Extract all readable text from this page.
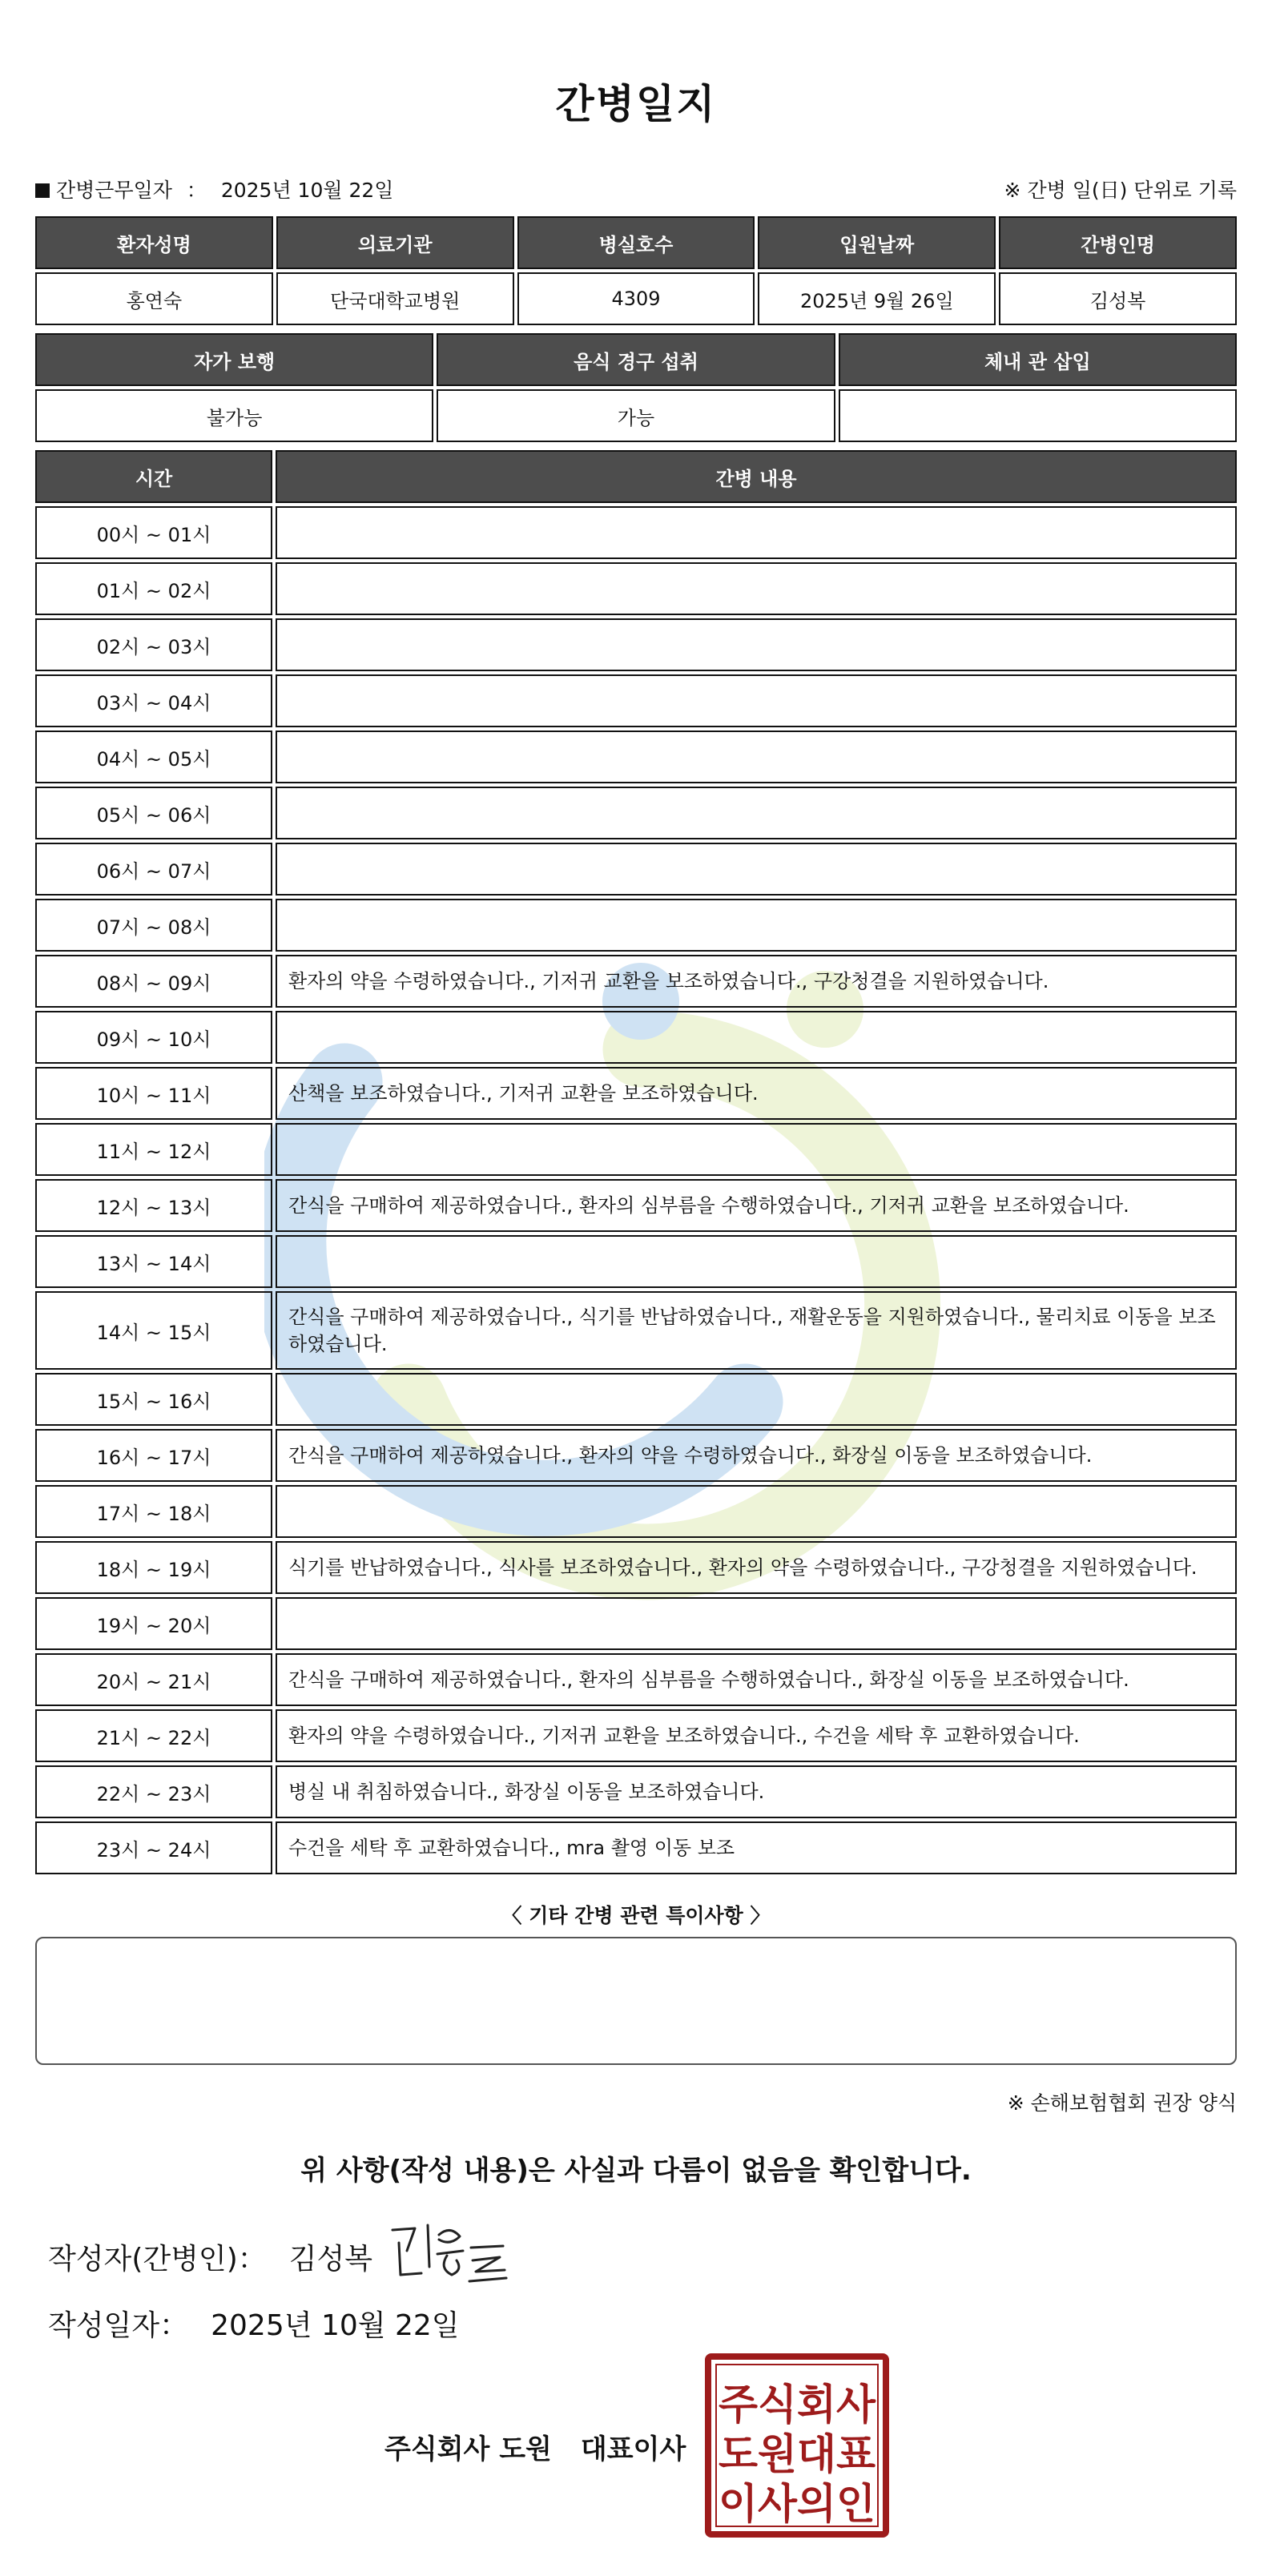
간병일지
간병근무일자 ： 2025년 10월 22일	※ 간병 일(日) 단위로 기록
환자성명	의료기관	병실호수	입원날짜	간병인명
홍연숙	단국대학교병원	4309	2025년 9월 26일	김성복
자가 보행	음식 경구 섭취	체내 관 삽입
불가능	가능	
시간	간병 내용
00시 ~ 01시	
01시 ~ 02시	
02시 ~ 03시	
03시 ~ 04시	
04시 ~ 05시	
05시 ~ 06시	
06시 ~ 07시	
07시 ~ 08시	
08시 ~ 09시	환자의 약을 수령하였습니다., 기저귀 교환을 보조하였습니다., 구강청결을 지원하였습니다.
09시 ~ 10시	
10시 ~ 11시	산책을 보조하였습니다., 기저귀 교환을 보조하였습니다.
11시 ~ 12시	
12시 ~ 13시	간식을 구매하여 제공하였습니다., 환자의 심부름을 수행하였습니다., 기저귀 교환을 보조하였습니다.
13시 ~ 14시	
14시 ~ 15시	간식을 구매하여 제공하였습니다., 식기를 반납하였습니다., 재활운동을 지원하였습니다., 물리치료 이동을 보조하였습니다.
15시 ~ 16시	
16시 ~ 17시	간식을 구매하여 제공하였습니다., 환자의 약을 수령하였습니다., 화장실 이동을 보조하였습니다.
17시 ~ 18시	
18시 ~ 19시	식기를 반납하였습니다., 식사를 보조하였습니다., 환자의 약을 수령하였습니다., 구강청결을 지원하였습니다.
19시 ~ 20시	
20시 ~ 21시	간식을 구매하여 제공하였습니다., 환자의 심부름을 수행하였습니다., 화장실 이동을 보조하였습니다.
21시 ~ 22시	환자의 약을 수령하였습니다., 기저귀 교환을 보조하였습니다., 수건을 세탁 후 교환하였습니다.
22시 ~ 23시	병실 내 취침하였습니다., 화장실 이동을 보조하였습니다.
23시 ~ 24시	수건을 세탁 후 교환하였습니다., mra 촬영 이동 보조
〈 기타 간병 관련 특이사항 〉
※ 손해보험협회 권장 양식
위 사항(작성 내용)은 사실과 다름이 없음을 확인합니다.
작성자(간병인)： 김성복
작성일자： 2025년 10월 22일
주식회사 도원 대표이사
주식회사
도원대표
이사의인
